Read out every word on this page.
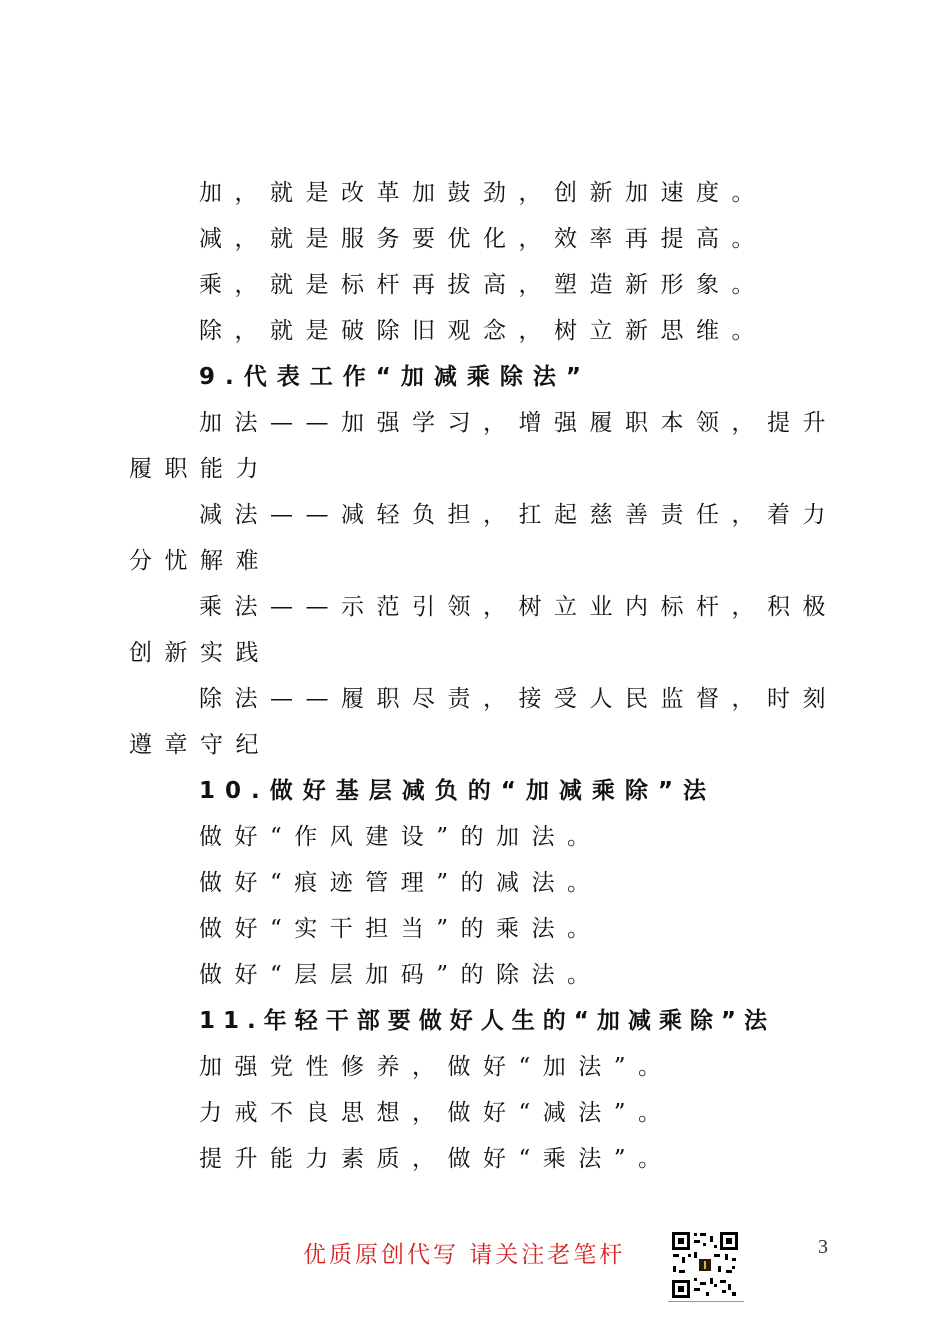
加，就是改革加鼓劲，创新加速度。
减，就是服务要优化，效率再提高。
乘，就是标杆再拔高，塑造新形象。
除，就是破除旧观念，树立新思维。
9.代表工作“加减乘除法”
加法——加强学习，增强履职本领，提升
履职能力
减法——减轻负担，扛起慈善责任，着力
分忧解难
乘法——示范引领，树立业内标杆，积极
创新实践
除法——履职尽责，接受人民监督，时刻
遵章守纪
10.做好基层减负的“加减乘除”法
做好“作风建设”的加法。
做好“痕迹管理”的减法。
做好“实干担当”的乘法。
做好“层层加码”的除法。
11.年轻干部要做好人生的“加减乘除”法
加强党性修养，做好“加法”。
力戒不良思想，做好“减法”。
提升能力素质，做好“乘法”。
优质原创代写 请关注老笔杆	3
